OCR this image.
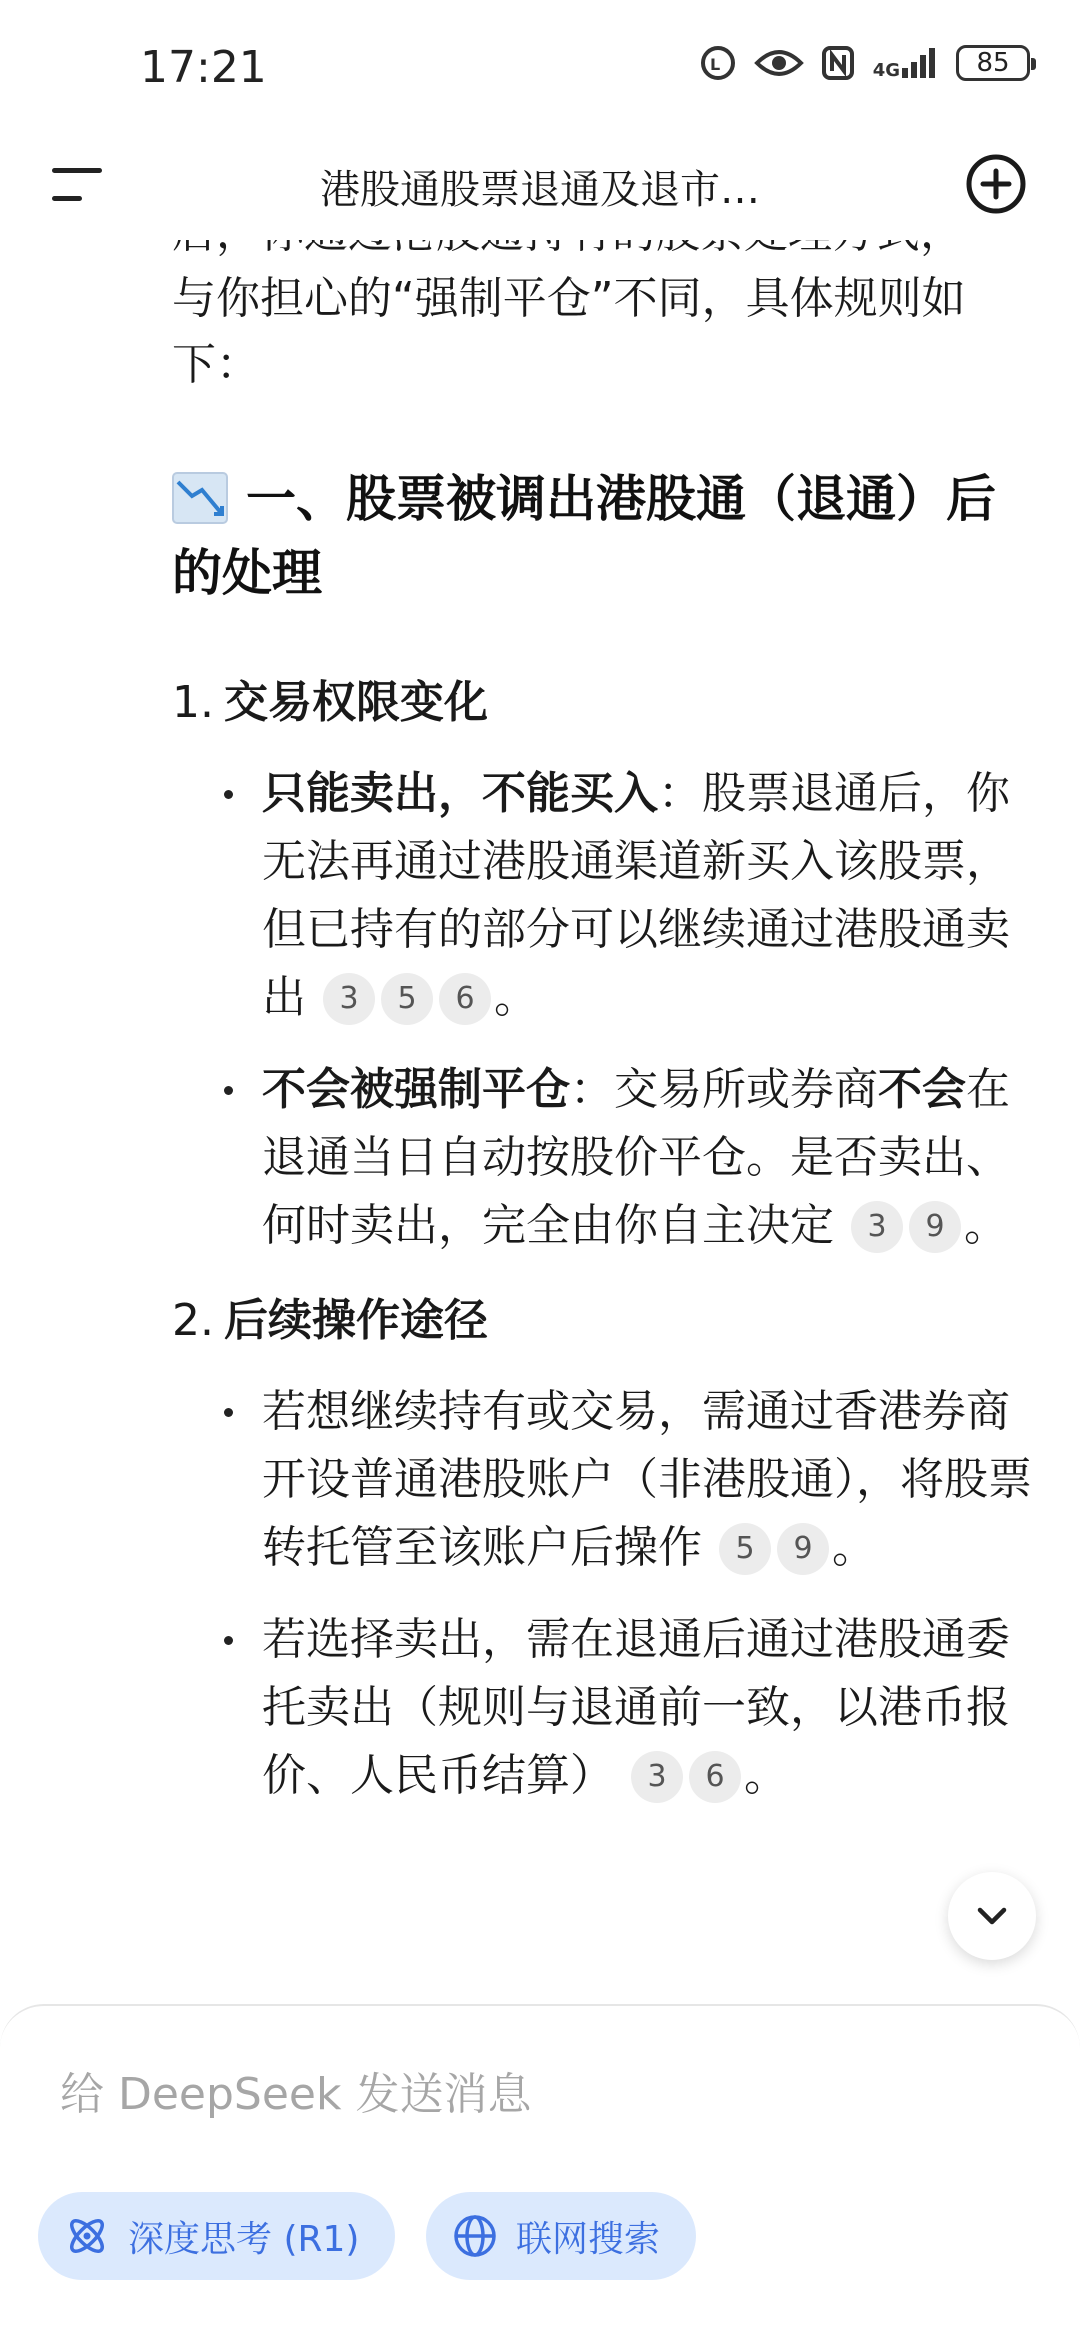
17:21	L	4G	85
港股通股票退通及退市…

与你担心的“强制平仓”不同，具体规则如下：

一、股票被调出港股通（退通）后的处理
1. 交易权限变化
只能卖出，不能买入：股票退通后，你无法再通过港股通渠道新买入该股票，但已持有的部分可以继续通过港股通卖出 3 5 6 。
不会被强制平仓：交易所或券商不会在退通当日自动按股价平仓。是否卖出、何时卖出，完全由你自主决定 3 9 。
2. 后续操作途径
若想继续持有或交易，需通过香港券商开设普通港股账户（非港股通），将股票转托管至该账户后操作 5 9 。
若选择卖出，需在退通后通过港股通委托卖出（规则与退通前一致，以港币报价、人民币结算） 3 6 。
给 DeepSeek 发送消息
深度思考 (R1)	联网搜索
